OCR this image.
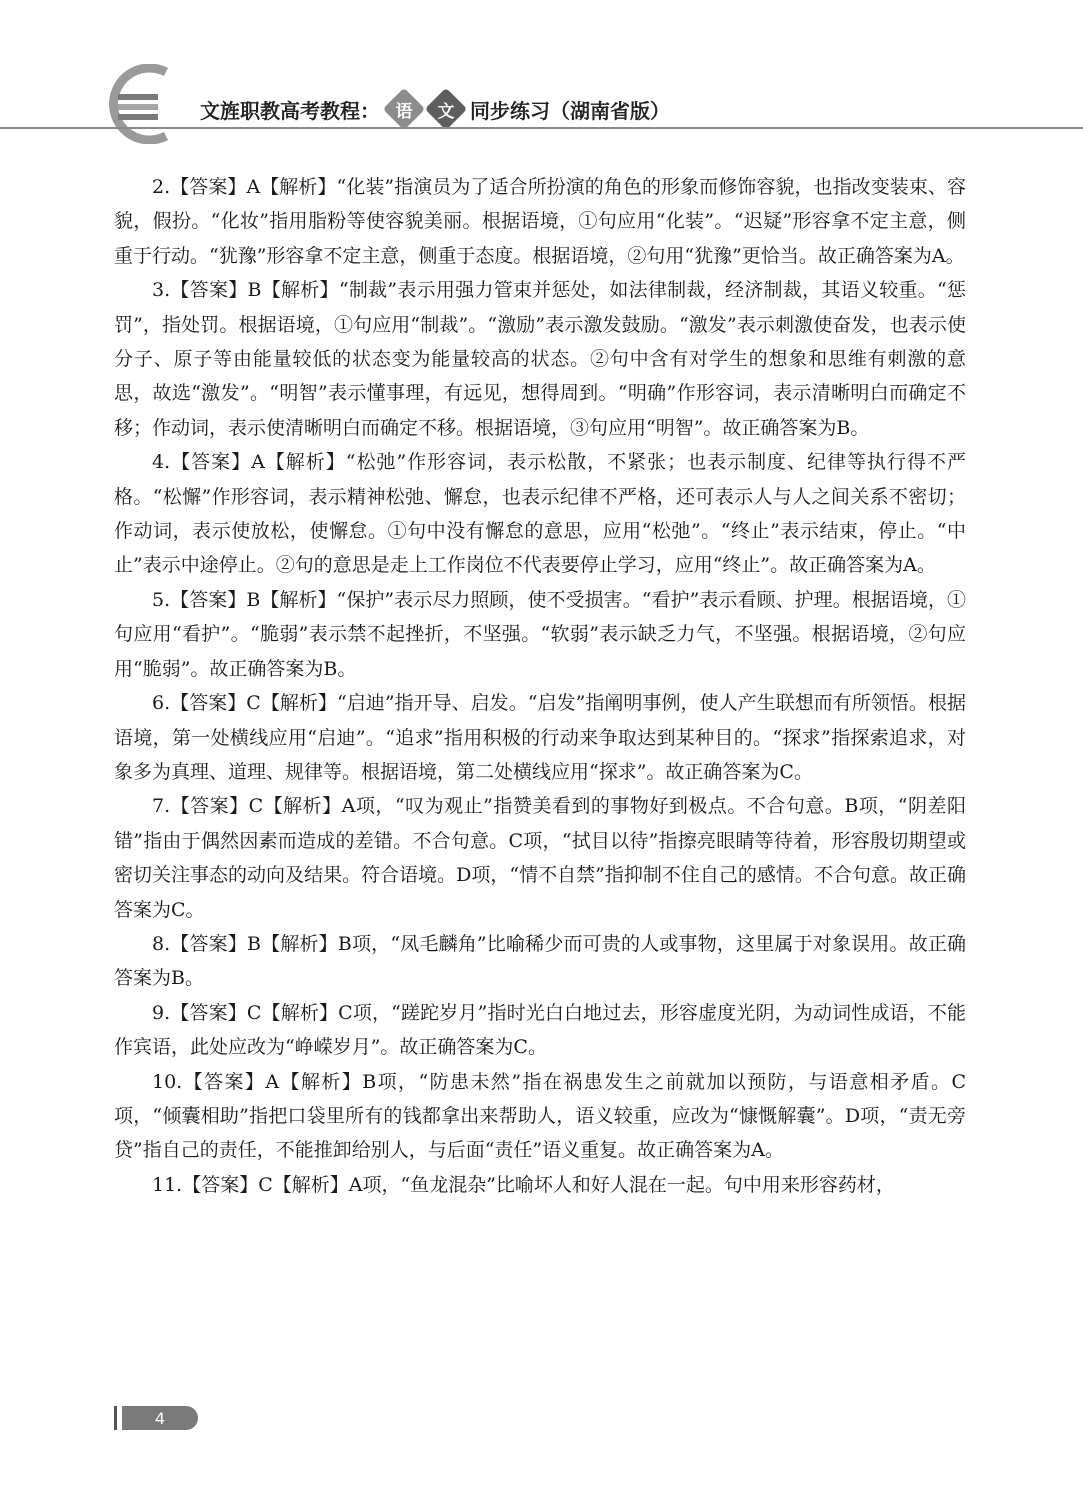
文旌职教高考教程： 语 文 同步练习（湖南省版）

2.【答案】A【解析】“化装”指演员为了适合所扮演的角色的形象而修饰容貌，也指改变装束、容貌，假扮。“化妆”指用脂粉等使容貌美丽。根据语境，①句应用“化装”。“迟疑”形容拿不定主意，侧重于行动。“犹豫”形容拿不定主意，侧重于态度。根据语境，②句用“犹豫”更恰当。故正确答案为A。

3.【答案】B【解析】“制裁”表示用强力管束并惩处，如法律制裁，经济制裁，其语义较重。“惩罚”，指处罚。根据语境，①句应用“制裁”。“激励”表示激发鼓励。“激发”表示刺激使奋发，也表示使分子、原子等由能量较低的状态变为能量较高的状态。②句中含有对学生的想象和思维有刺激的意思，故选“激发”。“明智”表示懂事理，有远见，想得周到。“明确”作形容词，表示清晰明白而确定不移；作动词，表示使清晰明白而确定不移。根据语境，③句应用“明智”。故正确答案为B。

4.【答案】A【解析】“松弛”作形容词，表示松散，不紧张；也表示制度、纪律等执行得不严格。“松懈”作形容词，表示精神松弛、懈怠，也表示纪律不严格，还可表示人与人之间关系不密切；作动词，表示使放松，使懈怠。①句中没有懈怠的意思，应用“松弛”。“终止”表示结束，停止。“中止”表示中途停止。②句的意思是走上工作岗位不代表要停止学习，应用“终止”。故正确答案为A。

5.【答案】B【解析】“保护”表示尽力照顾，使不受损害。“看护”表示看顾、护理。根据语境，①句应用“看护”。“脆弱”表示禁不起挫折，不坚强。“软弱”表示缺乏力气，不坚强。根据语境，②句应用“脆弱”。故正确答案为B。

6.【答案】C【解析】“启迪”指开导、启发。“启发”指阐明事例，使人产生联想而有所领悟。根据语境，第一处横线应用“启迪”。“追求”指用积极的行动来争取达到某种目的。“探求”指探索追求，对象多为真理、道理、规律等。根据语境，第二处横线应用“探求”。故正确答案为C。

7.【答案】C【解析】A项，“叹为观止”指赞美看到的事物好到极点。不合句意。B项，“阴差阳错”指由于偶然因素而造成的差错。不合句意。C项，“拭目以待”指擦亮眼睛等待着，形容殷切期望或密切关注事态的动向及结果。符合语境。D项，“情不自禁”指抑制不住自己的感情。不合句意。故正确答案为C。

8.【答案】B【解析】B项，“凤毛麟角”比喻稀少而可贵的人或事物，这里属于对象误用。故正确答案为B。

9.【答案】C【解析】C项，“蹉跎岁月”指时光白白地过去，形容虚度光阴，为动词性成语，不能作宾语，此处应改为“峥嵘岁月”。故正确答案为C。

10.【答案】A【解析】B项，“防患未然”指在祸患发生之前就加以预防，与语意相矛盾。C项，“倾囊相助”指把口袋里所有的钱都拿出来帮助人，语义较重，应改为“慷慨解囊”。D项，“责无旁贷”指自己的责任，不能推卸给别人，与后面“责任”语义重复。故正确答案为A。

11.【答案】C【解析】A项，“鱼龙混杂”比喻坏人和好人混在一起。句中用来形容药材，

4
